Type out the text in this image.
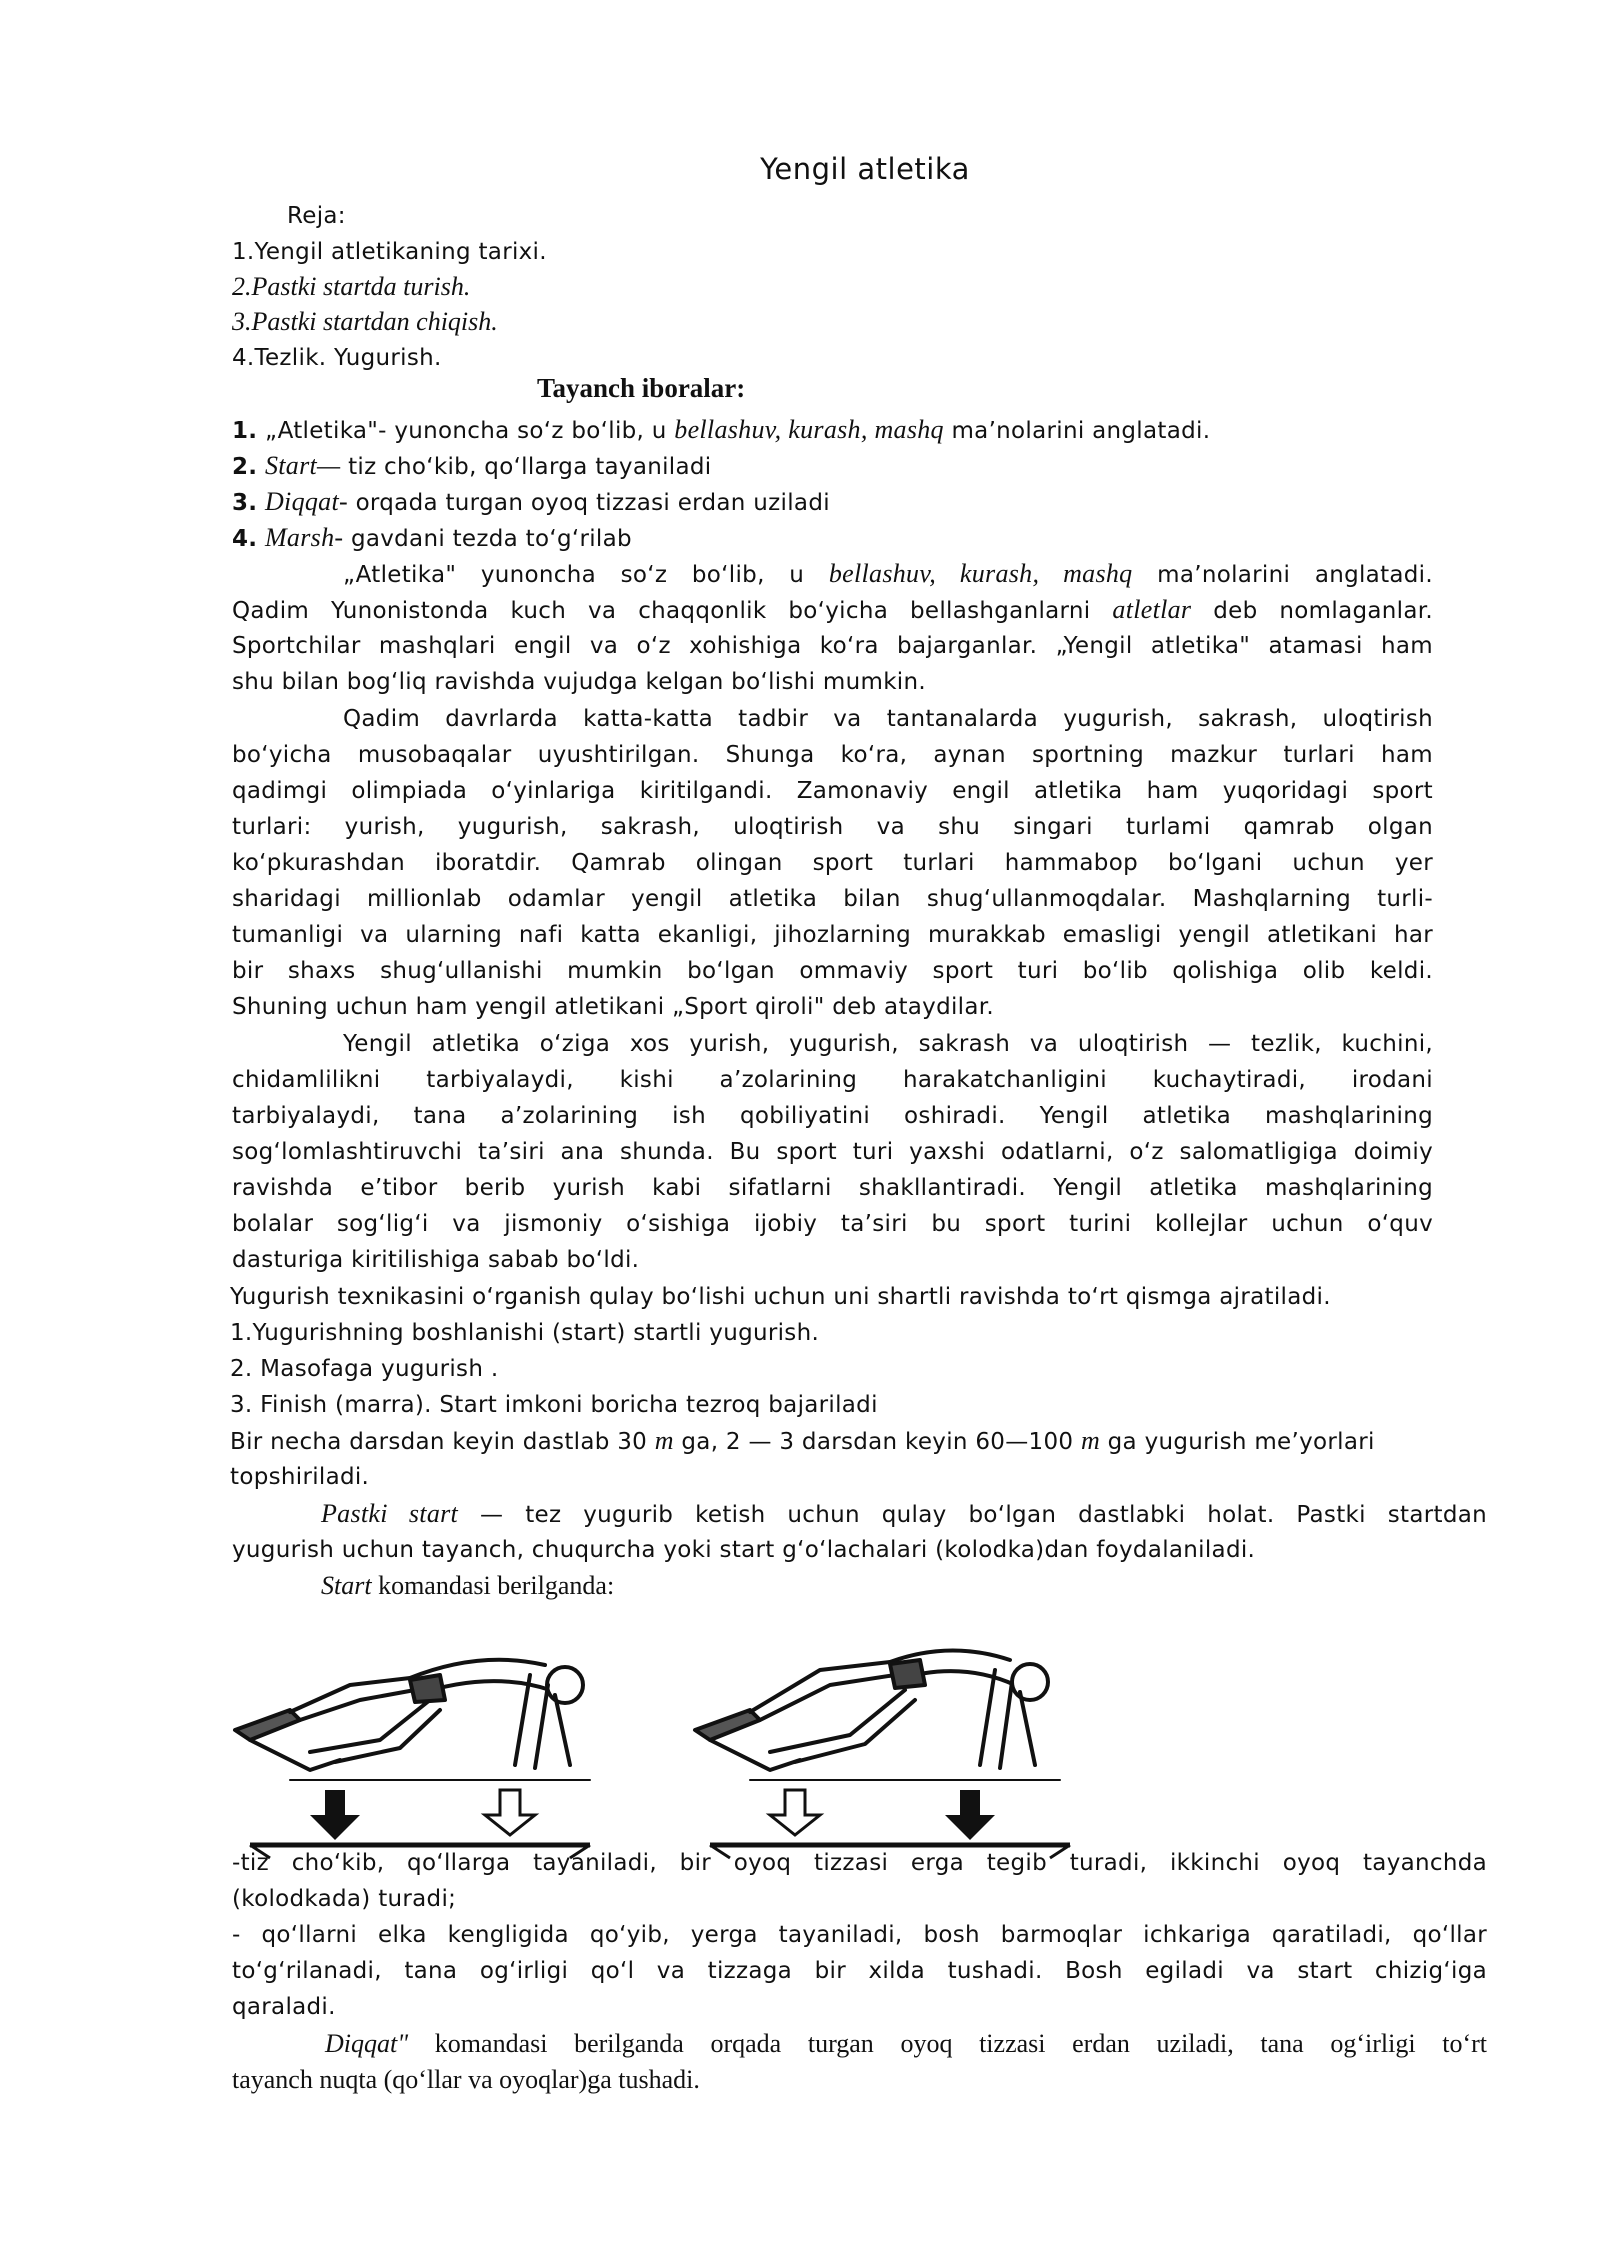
Yengil atletika
Reja:
1.Yengil atletikaning tarixi.
2.Pastki startda turish.
3.Pastki startdan chiqish.
4.Tezlik. Yugurish.
Tayanch iboralar:
1. „Atletika"- yunoncha so‘z bo‘lib, u bellashuv, kurash, mashq ma’nolarini anglatadi.
2. Start— tiz cho‘kib, qo‘llarga tayaniladi
3. Diqqat- orqada turgan oyoq tizzasi erdan uziladi
4. Marsh- gavdani tezda to‘g‘rilab
„Atletika" yunoncha so‘z bo‘lib, u bellashuv, kurash, mashq ma’nolarini anglatadi.
Qadim Yunonistonda kuch va chaqqonlik bo‘yicha bellashganlarni atletlar deb nomlaganlar.
Sportchilar mashqlari engil va o‘z xohishiga ko‘ra bajarganlar. „Yengil atletika" atamasi ham
shu bilan bog‘liq ravishda vujudga kelgan bo‘lishi mumkin.
Qadim davrlarda katta-katta tadbir va tantanalarda yugurish, sakrash, uloqtirish
bo‘yicha musobaqalar uyushtirilgan. Shunga ko‘ra, aynan sportning mazkur turlari ham
qadimgi olimpiada o‘yinlariga kiritilgandi. Zamonaviy engil atletika ham yuqoridagi sport
turlari: yurish, yugurish, sakrash, uloqtirish va shu singari turlami qamrab olgan
ko‘pkurashdan iboratdir. Qamrab olingan sport turlari hammabop bo‘lgani uchun yer
sharidagi millionlab odamlar yengil atletika bilan shug‘ullanmoqdalar. Mashqlarning turli-
tumanligi va ularning nafi katta ekanligi, jihozlarning murakkab emasligi yengil atletikani har
bir shaxs shug‘ullanishi mumkin bo‘lgan ommaviy sport turi bo‘lib qolishiga olib keldi.
Shuning uchun ham yengil atletikani „Sport qiroli" deb ataydilar.
Yengil atletika o‘ziga xos yurish, yugurish, sakrash va uloqtirish — tezlik, kuchini,
chidamlilikni tarbiyalaydi, kishi a’zolarining harakatchanligini kuchaytiradi, irodani
tarbiyalaydi, tana a’zolarining ish qobiliyatini oshiradi. Yengil atletika mashqlarining
sog‘lomlashtiruvchi ta’siri ana shunda. Bu sport turi yaxshi odatlarni, o‘z salomatligiga doimiy
ravishda e’tibor berib yurish kabi sifatlarni shakllantiradi. Yengil atletika mashqlarining
bolalar sog‘lig‘i va jismoniy o‘sishiga ijobiy ta’siri bu sport turini kollejlar uchun o‘quv
dasturiga kiritilishiga sabab bo‘ldi.
Yugurish texnikasini o‘rganish qulay bo‘lishi uchun uni shartli ravishda to‘rt qismga ajratiladi.
1.Yugurishning boshlanishi (start) startli yugurish.
2. Masofaga yugurish .
3. Finish (marra). Start imkoni boricha tezroq bajariladi
Bir necha darsdan keyin dastlab 30 m ga, 2 — 3 darsdan keyin 60—100 m ga yugurish me’yorlari
topshiriladi.
Pastki start — tez yugurib ketish uchun qulay bo‘lgan dastlabki holat. Pastki startdan
yugurish uchun tayanch, chuqurcha yoki start g‘o‘lachalari (kolodka)dan foydalaniladi.
Start komandasi berilganda:
-tiz cho‘kib, qo‘llarga tayaniladi, bir oyoq tizzasi erga tegib turadi, ikkinchi oyoq tayanchda
(kolodkada) turadi;
- qo‘llarni elka kengligida qo‘yib, yerga tayaniladi, bosh barmoqlar ichkariga qaratiladi, qo‘llar
to‘g‘rilanadi, tana og‘irligi qo‘l va tizzaga bir xilda tushadi. Bosh egiladi va start chizig‘iga
qaraladi.
Diqqat" komandasi berilganda orqada turgan oyoq tizzasi erdan uziladi, tana og‘irligi to‘rt
tayanch nuqta (qo‘llar va oyoqlar)ga tushadi.
